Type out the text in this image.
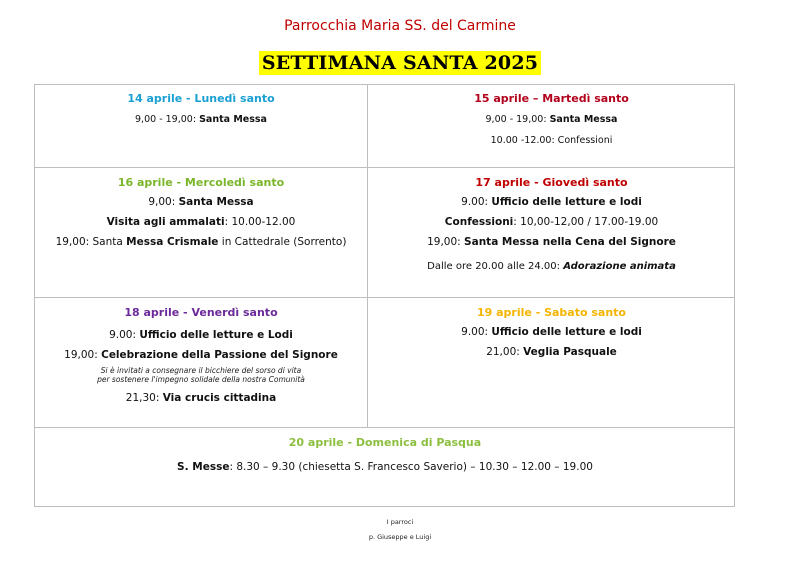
Parrocchia Maria SS. del Carmine
SETTIMANA SANTA 2025

14 aprile - Lunedì santo

9,00 - 19,00: Santa Messa

15 aprile – Martedì santo

9,00 - 19,00: Santa Messa

10.00 -12.00: Confessioni

16 aprile - Mercoledì santo

9,00: Santa Messa

Visita agli ammalati: 10.00-12.00

19,00: Santa Messa Crismale in Cattedrale (Sorrento)

17 aprile - Giovedì santo

9.00: Ufficio delle letture e lodi

Confessioni: 10,00-12,00 / 17.00-19.00

19,00: Santa Messa nella Cena del Signore

Dalle ore 20.00 alle 24.00: Adorazione animata

18 aprile - Venerdì santo

9.00: Ufficio delle letture e Lodi

19,00: Celebrazione della Passione del Signore

Si è invitati a consegnare il bicchiere del sorso di vita

per sostenere l'impegno solidale della nostra Comunità

21,30: Via crucis cittadina

19 aprile - Sabato santo

9.00: Ufficio delle letture e lodi

21,00: Veglia Pasquale

20 aprile - Domenica di Pasqua

S. Messe: 8.30 – 9.30 (chiesetta S. Francesco Saverio) – 10.30 – 12.00 – 19.00

I parroci
p. Giuseppe e Luigi
